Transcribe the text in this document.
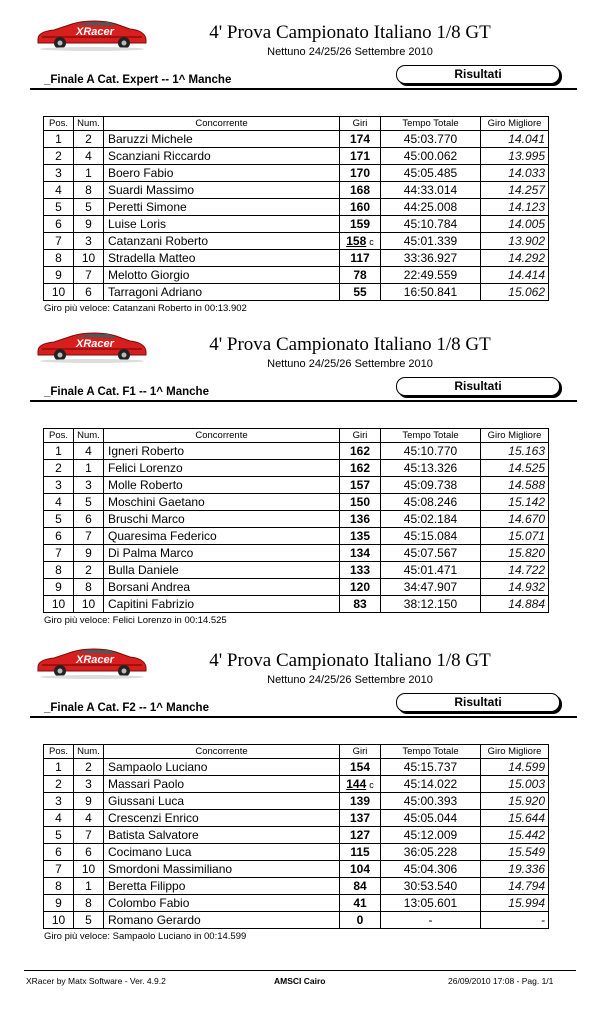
XRacer	4' Prova Campionato Italiano 1/8 GT
Nettuno 24/25/26 Settembre 2010
_Finale A Cat. Expert -- 1^ Manche	Risultati
Pos.	Num.	Concorrente	Giri	Tempo Totale	Giro Migliore
1	2	Baruzzi Michele	174	45:03.770	14.041
2	4	Scanziani Riccardo	171	45:00.062	13.995
3	1	Boero Fabio	170	45:05.485	14.033
4	8	Suardi Massimo	168	44:33.014	14.257
5	5	Peretti Simone	160	44:25.008	14.123
6	9	Luise Loris	159	45:10.784	14.005
7	3	Catanzani Roberto	158 c	45:01.339	13.902
8	10	Stradella Matteo	117	33:36.927	14.292
9	7	Melotto Giorgio	78	22:49.559	14.414
10	6	Tarragoni Adriano	55	16:50.841	15.062
Giro più veloce: Catanzani Roberto in 00:13.902
XRacer	4' Prova Campionato Italiano 1/8 GT
Nettuno 24/25/26 Settembre 2010
_Finale A Cat. F1 -- 1^ Manche	Risultati
Pos.	Num.	Concorrente	Giri	Tempo Totale	Giro Migliore
1	4	Igneri Roberto	162	45:10.770	15.163
2	1	Felici Lorenzo	162	45:13.326	14.525
3	3	Molle Roberto	157	45:09.738	14.588
4	5	Moschini Gaetano	150	45:08.246	15.142
5	6	Bruschi Marco	136	45:02.184	14.670
6	7	Quaresima Federico	135	45:15.084	15.071
7	9	Di Palma Marco	134	45:07.567	15.820
8	2	Bulla Daniele	133	45:01.471	14.722
9	8	Borsani Andrea	120	34:47.907	14.932
10	10	Capitini Fabrizio	83	38:12.150	14.884
Giro più veloce: Felici Lorenzo in 00:14.525
XRacer	4' Prova Campionato Italiano 1/8 GT
Nettuno 24/25/26 Settembre 2010
_Finale A Cat. F2 -- 1^ Manche	Risultati
Pos.	Num.	Concorrente	Giri	Tempo Totale	Giro Migliore
1	2	Sampaolo Luciano	154	45:15.737	14.599
2	3	Massari Paolo	144 c	45:14.022	15.003
3	9	Giussani Luca	139	45:00.393	15.920
4	4	Crescenzi Enrico	137	45:05.044	15.644
5	7	Batista Salvatore	127	45:12.009	15.442
6	6	Cocimano Luca	115	36:05.228	15.549
7	10	Smordoni Massimiliano	104	45:04.306	19.336
8	1	Beretta Filippo	84	30:53.540	14.794
9	8	Colombo Fabio	41	13:05.601	15.994
10	5	Romano Gerardo	0	-	-
Giro più veloce: Sampaolo Luciano in 00:14.599
XRacer by Matx Software - Ver. 4.9.2	AMSCI Cairo	26/09/2010 17:08 - Pag. 1/1
